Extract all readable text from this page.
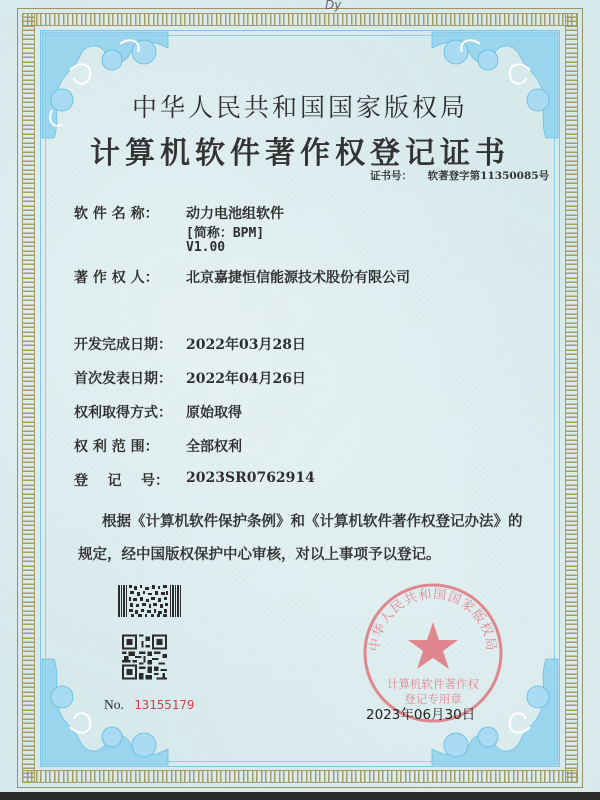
Dy
中华人民共和国国家版权局
计算机软件著作权登记证书
证书号： 软著登字第11350085号
软 件 名 称： 动力电池组软件
[简称：BPM]
V1.00
著 作 权 人： 北京嘉捷恒信能源技术股份有限公司
开发完成日期： 2022年03月28日
首次发表日期： 2022年04月26日
权利取得方式： 原始取得
权 利 范 围： 全部权利
登    记    号： 2023SR0762914
根据《计算机软件保护条例》和《计算机软件著作权登记办法》的
规定，经中国版权保护中心审核，对以上事项予以登记。
No. 13155179
中华人民共和国国家版权局
计算机软件著作权
登记专用章
2023年06月30日
